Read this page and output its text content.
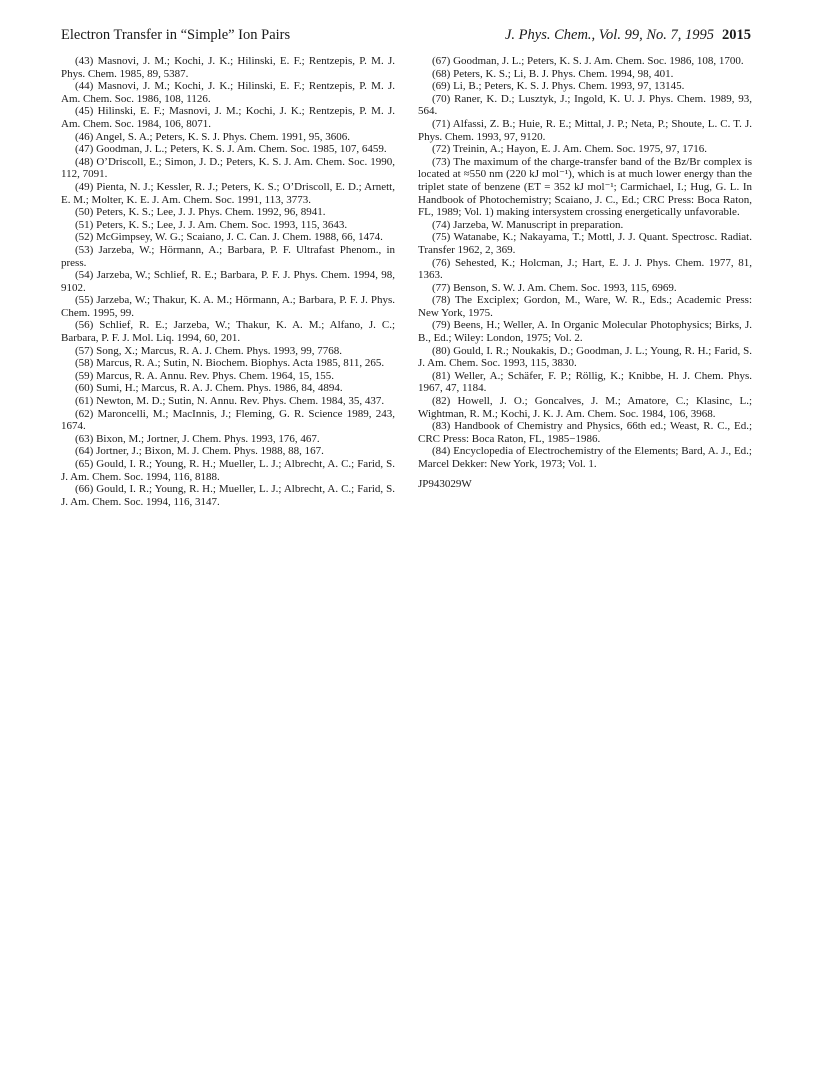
Electron Transfer in “Simple” Ion Pairs	J. Phys. Chem., Vol. 99, No. 7, 1995 2015

(43) Masnovi, J. M.; Kochi, J. K.; Hilinski, E. F.; Rentzepis, P. M. J. Phys. Chem. 1985, 89, 5387.

(44) Masnovi, J. M.; Kochi, J. K.; Hilinski, E. F.; Rentzepis, P. M. J. Am. Chem. Soc. 1986, 108, 1126.

(45) Hilinski, E. F.; Masnovi, J. M.; Kochi, J. K.; Rentzepis, P. M. J. Am. Chem. Soc. 1984, 106, 8071.

(46) Angel, S. A.; Peters, K. S. J. Phys. Chem. 1991, 95, 3606.

(47) Goodman, J. L.; Peters, K. S. J. Am. Chem. Soc. 1985, 107, 6459.

(48) O’Driscoll, E.; Simon, J. D.; Peters, K. S. J. Am. Chem. Soc. 1990, 112, 7091.

(49) Pienta, N. J.; Kessler, R. J.; Peters, K. S.; O’Driscoll, E. D.; Arnett, E. M.; Molter, K. E. J. Am. Chem. Soc. 1991, 113, 3773.

(50) Peters, K. S.; Lee, J. J. Phys. Chem. 1992, 96, 8941.

(51) Peters, K. S.; Lee, J. J. Am. Chem. Soc. 1993, 115, 3643.

(52) McGimpsey, W. G.; Scaiano, J. C. Can. J. Chem. 1988, 66, 1474.

(53) Jarzeba, W.; Hörmann, A.; Barbara, P. F. Ultrafast Phenom., in press.

(54) Jarzeba, W.; Schlief, R. E.; Barbara, P. F. J. Phys. Chem. 1994, 98, 9102.

(55) Jarzeba, W.; Thakur, K. A. M.; Hörmann, A.; Barbara, P. F. J. Phys. Chem. 1995, 99.

(56) Schlief, R. E.; Jarzeba, W.; Thakur, K. A. M.; Alfano, J. C.; Barbara, P. F. J. Mol. Liq. 1994, 60, 201.

(57) Song, X.; Marcus, R. A. J. Chem. Phys. 1993, 99, 7768.

(58) Marcus, R. A.; Sutin, N. Biochem. Biophys. Acta 1985, 811, 265.

(59) Marcus, R. A. Annu. Rev. Phys. Chem. 1964, 15, 155.

(60) Sumi, H.; Marcus, R. A. J. Chem. Phys. 1986, 84, 4894.

(61) Newton, M. D.; Sutin, N. Annu. Rev. Phys. Chem. 1984, 35, 437.

(62) Maroncelli, M.; MacInnis, J.; Fleming, G. R. Science 1989, 243, 1674.

(63) Bixon, M.; Jortner, J. Chem. Phys. 1993, 176, 467.

(64) Jortner, J.; Bixon, M. J. Chem. Phys. 1988, 88, 167.

(65) Gould, I. R.; Young, R. H.; Mueller, L. J.; Albrecht, A. C.; Farid, S. J. Am. Chem. Soc. 1994, 116, 8188.

(66) Gould, I. R.; Young, R. H.; Mueller, L. J.; Albrecht, A. C.; Farid, S. J. Am. Chem. Soc. 1994, 116, 3147.

(67) Goodman, J. L.; Peters, K. S. J. Am. Chem. Soc. 1986, 108, 1700.

(68) Peters, K. S.; Li, B. J. Phys. Chem. 1994, 98, 401.

(69) Li, B.; Peters, K. S. J. Phys. Chem. 1993, 97, 13145.

(70) Raner, K. D.; Lusztyk, J.; Ingold, K. U. J. Phys. Chem. 1989, 93, 564.

(71) Alfassi, Z. B.; Huie, R. E.; Mittal, J. P.; Neta, P.; Shoute, L. C. T. J. Phys. Chem. 1993, 97, 9120.

(72) Treinin, A.; Hayon, E. J. Am. Chem. Soc. 1975, 97, 1716.

(73) The maximum of the charge-transfer band of the Bz/Br complex is located at ≈550 nm (220 kJ mol⁻¹), which is at much lower energy than the triplet state of benzene (ET = 352 kJ mol⁻¹; Carmichael, I.; Hug, G. L. In Handbook of Photochemistry; Scaiano, J. C., Ed.; CRC Press: Boca Raton, FL, 1989; Vol. 1) making intersystem crossing energetically unfavorable.

(74) Jarzeba, W. Manuscript in preparation.

(75) Watanabe, K.; Nakayama, T.; Mottl, J. J. Quant. Spectrosc. Radiat. Transfer 1962, 2, 369.

(76) Sehested, K.; Holcman, J.; Hart, E. J. J. Phys. Chem. 1977, 81, 1363.

(77) Benson, S. W. J. Am. Chem. Soc. 1993, 115, 6969.

(78) The Exciplex; Gordon, M., Ware, W. R., Eds.; Academic Press: New York, 1975.

(79) Beens, H.; Weller, A. In Organic Molecular Photophysics; Birks, J. B., Ed.; Wiley: London, 1975; Vol. 2.

(80) Gould, I. R.; Noukakis, D.; Goodman, J. L.; Young, R. H.; Farid, S. J. Am. Chem. Soc. 1993, 115, 3830.

(81) Weller, A.; Schäfer, F. P.; Röllig, K.; Knibbe, H. J. Chem. Phys. 1967, 47, 1184.

(82) Howell, J. O.; Goncalves, J. M.; Amatore, C.; Klasinc, L.; Wightman, R. M.; Kochi, J. K. J. Am. Chem. Soc. 1984, 106, 3968.

(83) Handbook of Chemistry and Physics, 66th ed.; Weast, R. C., Ed.; CRC Press: Boca Raton, FL, 1985−1986.

(84) Encyclopedia of Electrochemistry of the Elements; Bard, A. J., Ed.; Marcel Dekker: New York, 1973; Vol. 1.

JP943029W
